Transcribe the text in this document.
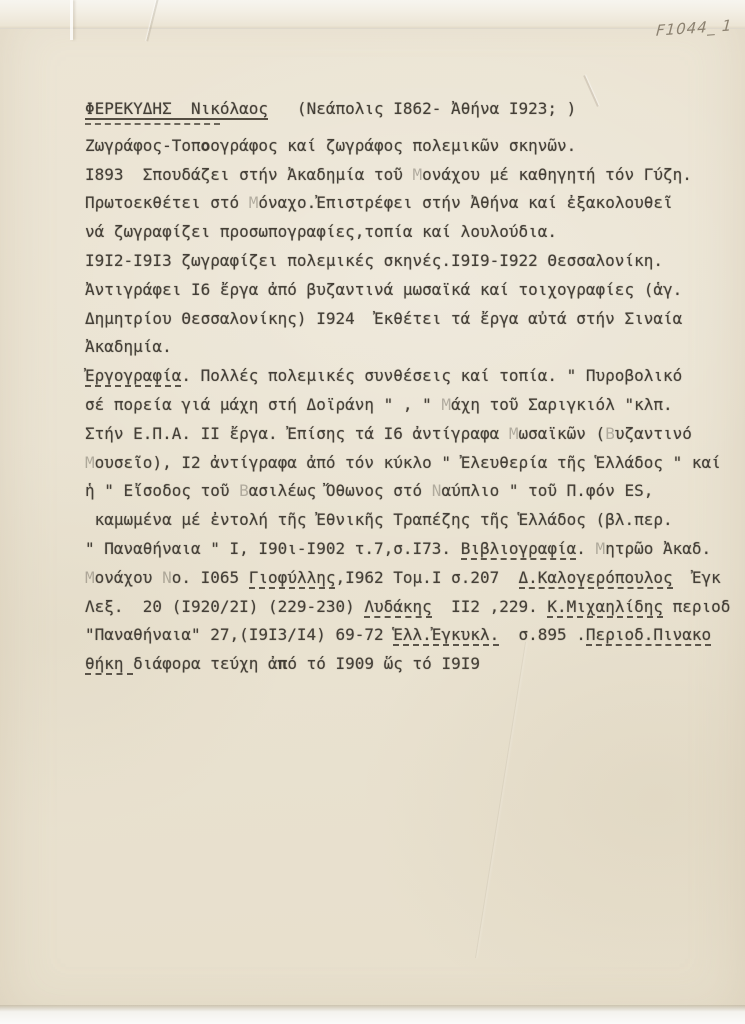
F1044_ 1
ΦΕΡΕΚΥΔΗΣ  Νικόλαος   (Νεάπολις Ι862- Ἀθήνα Ι923; )
Ζωγράφος-Τοποογράφος καί ζωγράφος πολεμικῶν σκηνῶν.
Ι893  Σπουδάζει στήν Ἀκαδημία τοῦ Μονάχου μέ καθηγητή τόν Γύζη.
Πρωτοεκθέτει στό Μόναχο.Ἐπιστρέφει στήν Ἀθήνα καί ἐξακολουθεῖ
νά ζωγραφίζει προσωπογραφίες,τοπία καί λουλούδια.
Ι9Ι2-Ι9Ι3 ζωγραφίζει πολεμικές σκηνές.Ι9Ι9-Ι922 Θεσσαλονίκη.
Ἀντιγράφει Ι6 ἔργα ἀπό βυζαντινά μωσαϊκά καί τοιχογραφίες (ἁγ.
Δημητρίου Θεσσαλονίκης) Ι924  Ἐκθέτει τά ἔργα αὐτά στήν Σιναία
Ἀκαδημία.
Ἐργογραφία. Πολλές πολεμικές συνθέσεις καί τοπία. " Πυροβολικό
σέ πορεία γιά μάχη στή Δοϊράνη " , " Μάχη τοῦ Σαριγκιόλ "κλπ.
Στήν Ε.Π.Α. ΙΙ ἔργα. Ἐπίσης τά Ι6 ἀντίγραφα Μωσαϊκῶν (Βυζαντινό
Μουσεῖο), Ι2 ἀντίγραφα ἀπό τόν κύκλο " Ἐλευθερία τῆς Ἑλλάδος " καί
ἡ " Εἴσοδος τοῦ Βασιλέως Ὄθωνος στό Ναύπλιο " τοῦ Π.φόν ES,
καμωμένα μέ ἐντολή τῆς Ἐθνικῆς Τραπέζης τῆς Ἑλλάδος (βλ.περ.
" Παναθήναια " Ι, Ι90ι-Ι902 τ.7,σ.Ι73. Βιβλιογραφία. Μητρῶο Ἀκαδ.
Μονάχου Νο. Ι065 Γιοφύλλης,Ι962 Τομ.Ι σ.207  Δ.Καλογερόπουλος  Ἐγκ
Λεξ.  20 (Ι920/2Ι) (229-230) Λυδάκης  ΙΙ2 ,229. Κ.Μιχαηλίδης περιοδ
"Παναθήναια" 27,(Ι9Ι3/Ι4) 69-72 Ἑλλ.Ἐγκυκλ.  σ.895 .Περιοδ.Πινακο
θήκη διάφορα τεύχη ἀπό τό Ι909 ὥς τό Ι9Ι9
